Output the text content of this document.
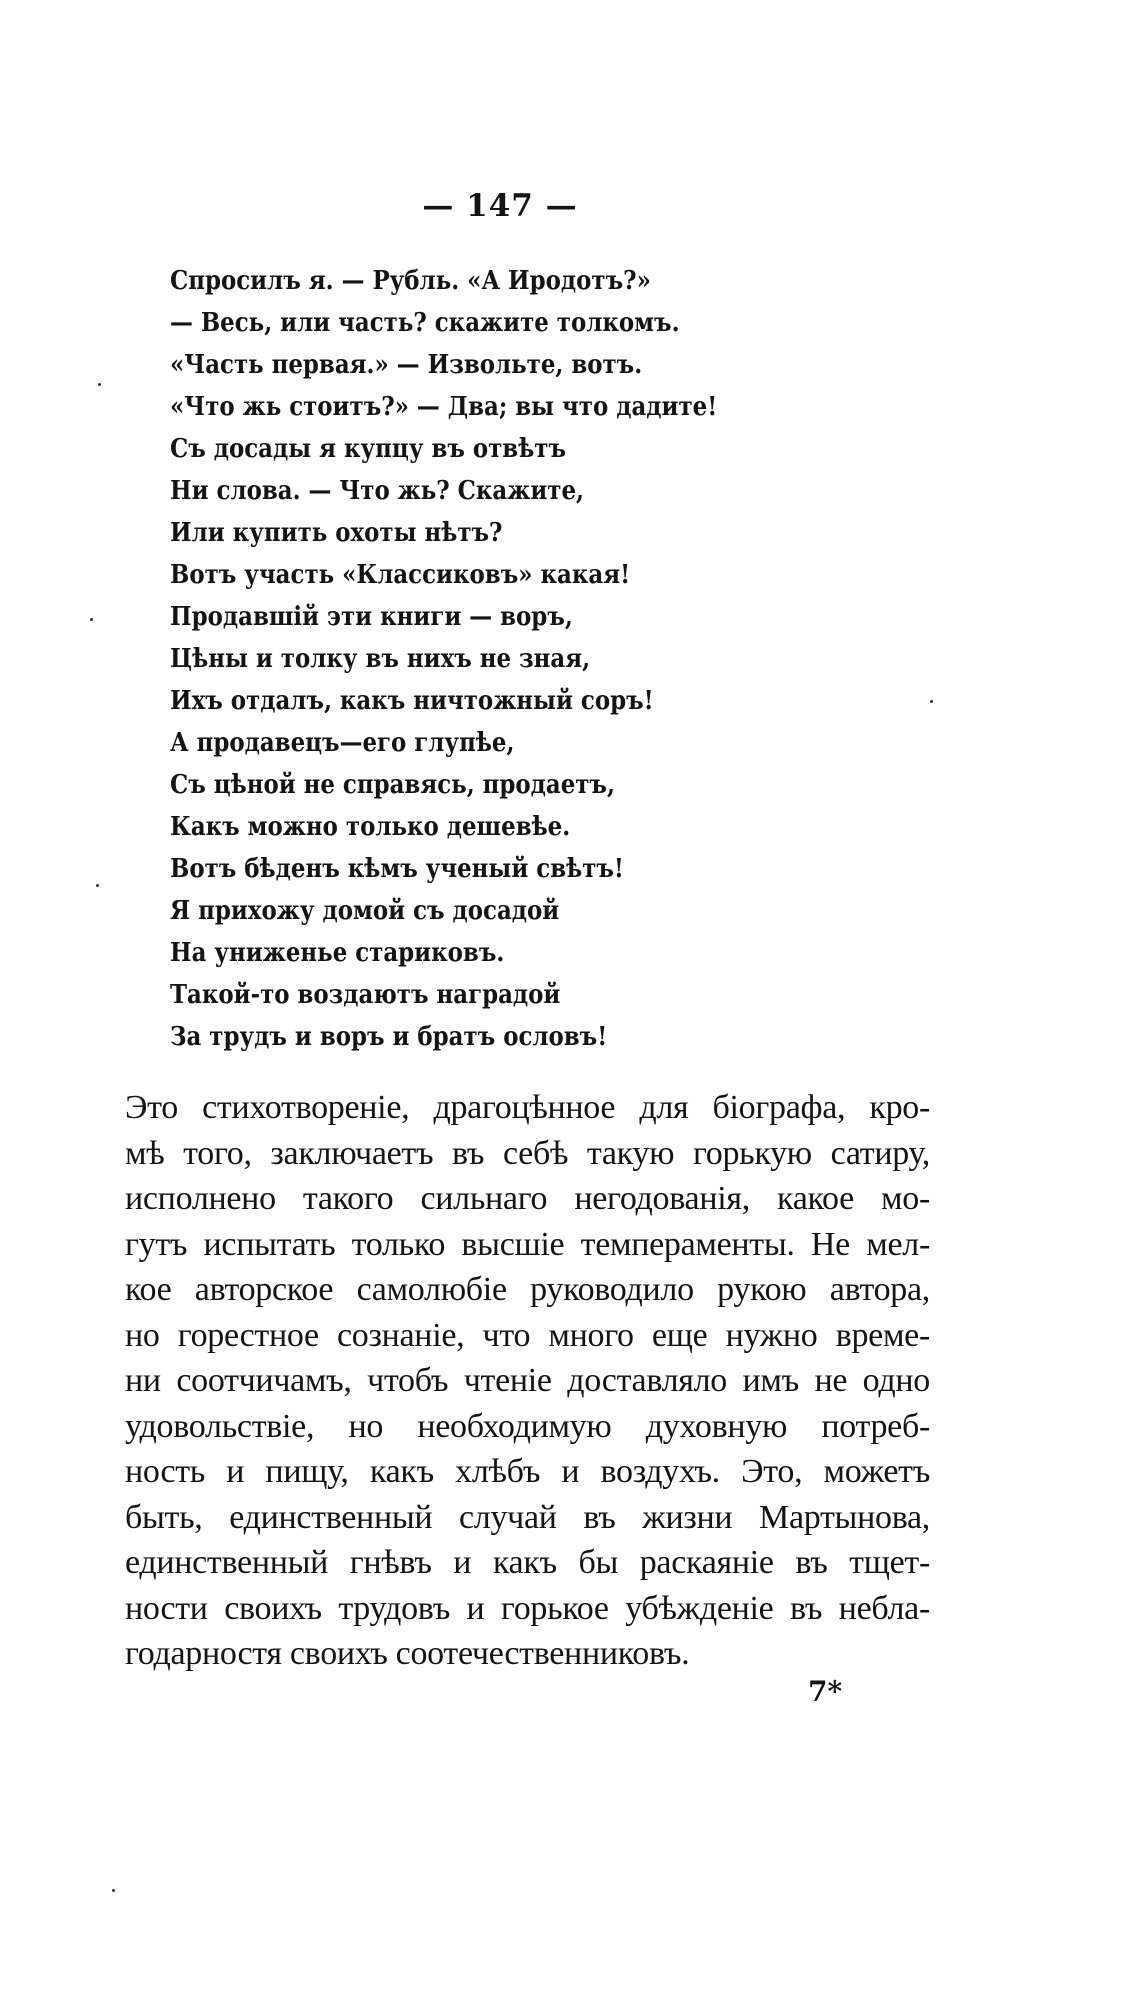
— 147 —
Спросилъ я. — Рубль. «А Иродотъ?»
— Весь, или часть? скажите толкомъ.
«Часть первая.» — Извольте, вотъ.
«Что жь стоитъ?» — Два; вы что дадите!
Съ досады я купцу въ отвѣтъ
Ни слова. — Что жь? Скажите,
Или купить охоты нѣтъ?
Вотъ участь «Классиковъ» какая!
Продавшій эти книги — воръ,
Цѣны и толку въ нихъ не зная,
Ихъ отдалъ, какъ ничтожный соръ!
А продавецъ—его глупѣе,
Съ цѣной не справясь, продаетъ,
Какъ можно только дешевѣе.
Вотъ бѣденъ кѣмъ ученый свѣтъ!
Я прихожу домой съ досадой
На униженье стариковъ.
Такой-то воздаютъ наградой
За трудъ и воръ и братъ ословъ!
Это стихотвореніе, драгоцѣнное для біографа, кро-
мѣ того, заключаетъ въ себѣ такую горькую сатиру,
исполнено такого сильнаго негодованія, какое мо-
гутъ испытать только высшіе темпераменты. Не мел-
кое авторское самолюбіе руководило рукою автора,
но горестное сознаніе, что много еще нужно време-
ни соотчичамъ, чтобъ чтеніе доставляло имъ не одно
удовольствіе, но необходимую духовную потреб-
ность и пищу, какъ хлѣбъ и воздухъ. Это, можетъ
быть, единственный случай въ жизни Мартынова,
единственный гнѣвъ и какъ бы раскаяніе въ тщет-
ности своихъ трудовъ и горькое убѣжденіе въ небла-
годарностя своихъ соотечественниковъ.
7*
